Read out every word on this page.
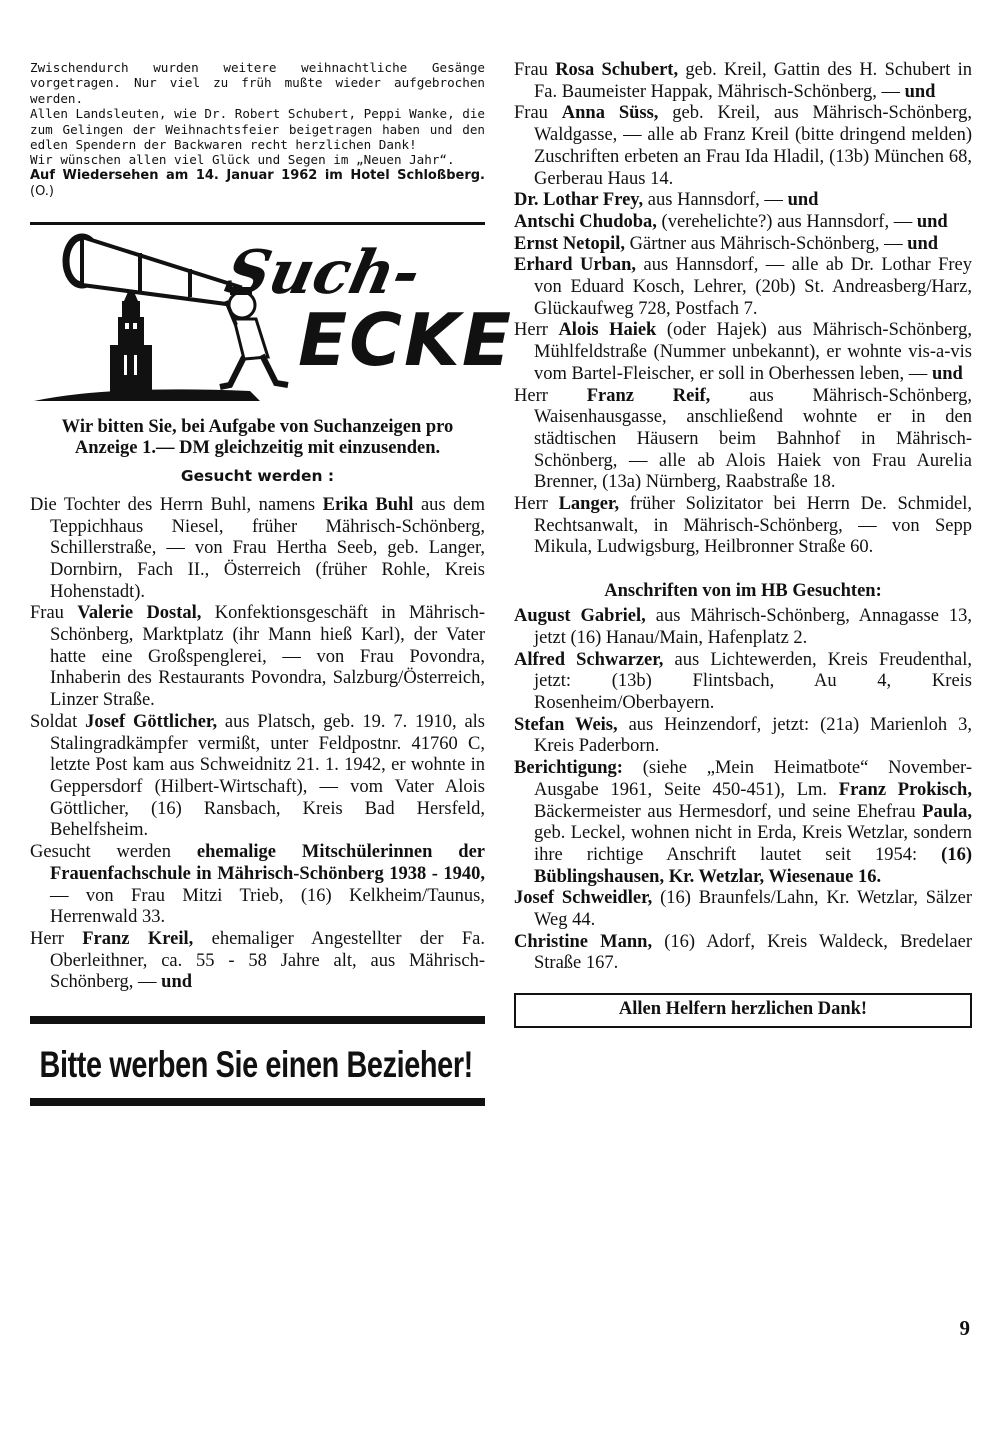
Zwischendurch wurden weitere weihnachtliche Gesänge vorgetragen. Nur viel zu früh mußte wieder aufgebrochen werden.

Allen Landsleuten, wie Dr. Robert Schubert, Peppi Wanke, die zum Gelingen der Weihnachtsfeier beigetragen haben und den edlen Spendern der Backwaren recht herzlichen Dank!

Wir wünschen allen viel Glück und Segen im „Neuen Jahr“.

Auf Wiedersehen am 14. Januar 1962 im Hotel Schloßberg. (O.)

Such-
ECKE
Wir bitten Sie, bei Aufgabe von Suchanzeigen pro Anzeige 1.— DM gleichzeitig mit einzusenden.
Gesucht werden :

Die Tochter des Herrn Buhl, namens Erika Buhl aus dem Teppichhaus Niesel, früher Mährisch-Schönberg, Schillerstraße, — von Frau Hertha Seeb, geb. Langer, Dornbirn, Fach II., Österreich (früher Rohle, Kreis Hohenstadt).

Frau Valerie Dostal, Konfektionsgeschäft in Mährisch-Schönberg, Marktplatz (ihr Mann hieß Karl), der Vater hatte eine Großspenglerei, — von Frau Povondra, Inhaberin des Restaurants Povondra, Salzburg/Österreich, Linzer Straße.

Soldat Josef Göttlicher, aus Platsch, geb. 19. 7. 1910, als Stalingradkämpfer vermißt, unter Feldpostnr. 41760 C, letzte Post kam aus Schweidnitz 21. 1. 1942, er wohnte in Geppersdorf (Hilbert-Wirtschaft), — vom Vater Alois Göttlicher, (16) Ransbach, Kreis Bad Hersfeld, Behelfsheim.

Gesucht werden ehemalige Mitschülerinnen der Frauenfachschule in Mährisch-Schönberg 1938 - 1940, — von Frau Mitzi Trieb, (16) Kelkheim/Taunus, Herrenwald 33.

Herr Franz Kreil, ehemaliger Angestellter der Fa. Oberleithner, ca. 55 - 58 Jahre alt, aus Mährisch-Schönberg, — und

Bitte werben Sie einen Bezieher!

Frau Rosa Schubert, geb. Kreil, Gattin des H. Schubert in Fa. Baumeister Happak, Mährisch-Schönberg, — und

Frau Anna Süss, geb. Kreil, aus Mährisch-Schönberg, Waldgasse, — alle ab Franz Kreil (bitte dringend melden) Zuschriften erbeten an Frau Ida Hladil, (13b) München 68, Gerberau Haus 14.

Dr. Lothar Frey, aus Hannsdorf, — und

Antschi Chudoba, (verehelichte?) aus Hannsdorf, — und

Ernst Netopil, Gärtner aus Mährisch-Schönberg, — und

Erhard Urban, aus Hannsdorf, — alle ab Dr. Lothar Frey von Eduard Kosch, Lehrer, (20b) St. Andreasberg/Harz, Glückaufweg 728, Postfach 7.

Herr Alois Haiek (oder Hajek) aus Mährisch-Schönberg, Mühlfeldstraße (Nummer unbekannt), er wohnte vis-a-vis vom Bartel-Fleischer, er soll in Oberhessen leben, — und

Herr Franz Reif, aus Mährisch-Schönberg, Waisenhausgasse, anschließend wohnte er in den städtischen Häusern beim Bahnhof in Mährisch-Schönberg, — alle ab Alois Haiek von Frau Aurelia Brenner, (13a) Nürnberg, Raabstraße 18.

Herr Langer, früher Solizitator bei Herrn De. Schmidel, Rechtsanwalt, in Mährisch-Schönberg, — von Sepp Mikula, Ludwigsburg, Heilbronner Straße 60.

Anschriften von im HB Gesuchten:

August Gabriel, aus Mährisch-Schönberg, Annagasse 13, jetzt (16) Hanau/Main, Hafenplatz 2.

Alfred Schwarzer, aus Lichtewerden, Kreis Freudenthal, jetzt: (13b) Flintsbach, Au 4, Kreis Rosenheim/Oberbayern.

Stefan Weis, aus Heinzendorf, jetzt: (21a) Marienloh 3, Kreis Paderborn.

Berichtigung: (siehe „Mein Heimatbote“ November-Ausgabe 1961, Seite 450-451), Lm. Franz Prokisch, Bäckermeister aus Hermesdorf, und seine Ehefrau Paula, geb. Leckel, wohnen nicht in Erda, Kreis Wetzlar, sondern ihre richtige Anschrift lautet seit 1954: (16) Büblingshausen, Kr. Wetzlar, Wiesenaue 16.

Josef Schweidler, (16) Braunfels/Lahn, Kr. Wetzlar, Sälzer Weg 44.

Christine Mann, (16) Adorf, Kreis Waldeck, Bredelaer Straße 167.

Allen Helfern herzlichen Dank!
9
